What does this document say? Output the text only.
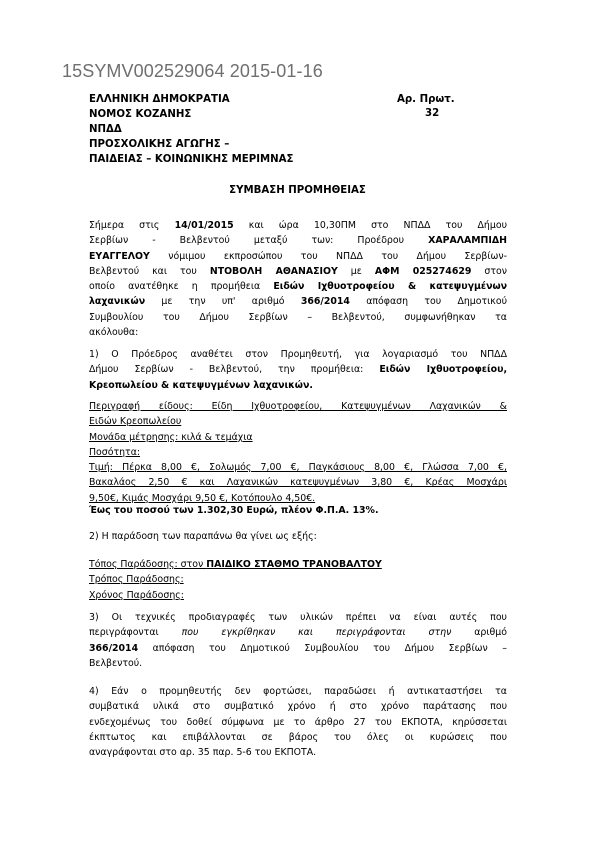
15SYMV002529064 2015-01-16
ΕΛΛΗΝΙΚΗ ΔΗΜΟΚΡΑΤΙΑ
ΝΟΜΟΣ ΚΟΖΑΝΗΣ
ΝΠΔΔ
ΠΡΟΣΧΟΛΙΚΗΣ ΑΓΩΓΗΣ –
ΠΑΙΔΕΙΑΣ – ΚΟΙΝΩΝΙΚΗΣ ΜΕΡΙΜΝΑΣ
Αρ. Πρωτ.
32
ΣΥΜΒΑΣΗ ΠΡΟΜΗΘΕΙΑΣ
Σήμερα στις 14/01/2015 και ώρα 10,30ΠΜ στο ΝΠΔΔ του Δήμου
Σερβίων - Βελβεντού μεταξύ των: Προέδρου ΧΑΡΑΛΑΜΠΙΔΗ
ΕΥΑΓΓΕΛΟΥ νόμιμου εκπροσώπου του ΝΠΔΔ του Δήμου Σερβίων-
Βελβεντού και του ΝΤΟΒΟΛΗ ΑΘΑΝΑΣΙΟΥ με ΑΦΜ 025274629 στον
οποίο ανατέθηκε η προμήθεια Ειδών Ιχθυοτροφείου & κατεψυγμένων
λαχανικών με την υπ' αριθμό 366/2014 απόφαση του Δημοτικού
Συμβουλίου του Δήμου Σερβίων – Βελβεντού, συμφωνήθηκαν τα
ακόλουθα:
1) Ο Πρόεδρος αναθέτει στον Προμηθευτή, για λογαριασμό του ΝΠΔΔ
Δήμου Σερβίων - Βελβεντού, την προμήθεια: Ειδών Ιχθυοτροφείου,
Κρεοπωλείου & κατεψυγμένων λαχανικών.
Περιγραφή είδους: Είδη Ιχθυοτροφείου, Κατεψυγμένων Λαχανικών &
Ειδών Κρεοπωλείου
Μονάδα μέτρησης: κιλά & τεμάχια
Ποσότητα:
Τιμή: Πέρκα 8,00 €, Σολωμός 7,00 €, Παγκάσιους 8,00 €, Γλώσσα 7,00 €,
Βακαλάος 2,50 € και Λαχανικών κατεψυγμένων 3,80 €, Κρέας Μοσχάρι
9,50€, Κιμάς Μοσχάρι 9,50 €, Κοτόπουλο 4,50€.
Έως του ποσού των 1.302,30 Ευρώ, πλέον Φ.Π.Α. 13%.
2) Η παράδοση των παραπάνω θα γίνει ως εξής:
Τόπος Παράδοσης: στον ΠΑΙΔΙΚΟ ΣΤΑΘΜΟ ΤΡΑΝΟΒΑΛΤΟΥ
Τρόπος Παράδοσης:
Χρόνος Παράδοσης:
3) Οι τεχνικές προδιαγραφές των υλικών πρέπει να είναι αυτές που
περιγράφονται που εγκρίθηκαν και περιγράφονται στην αριθμό
366/2014 απόφαση του Δημοτικού Συμβουλίου του Δήμου Σερβίων –
Βελβεντού.
4) Εάν ο προμηθευτής δεν φορτώσει, παραδώσει ή αντικαταστήσει τα
συμβατικά υλικά στο συμβατικό χρόνο ή στο χρόνο παράτασης που
ενδεχομένως του δοθεί σύμφωνα με το άρθρο 27 του ΕΚΠΟΤΑ, κηρύσσεται
έκπτωτος και επιβάλλονται σε βάρος του όλες οι κυρώσεις που
αναγράφονται στο αρ. 35 παρ. 5-6 του ΕΚΠΟΤΑ.
